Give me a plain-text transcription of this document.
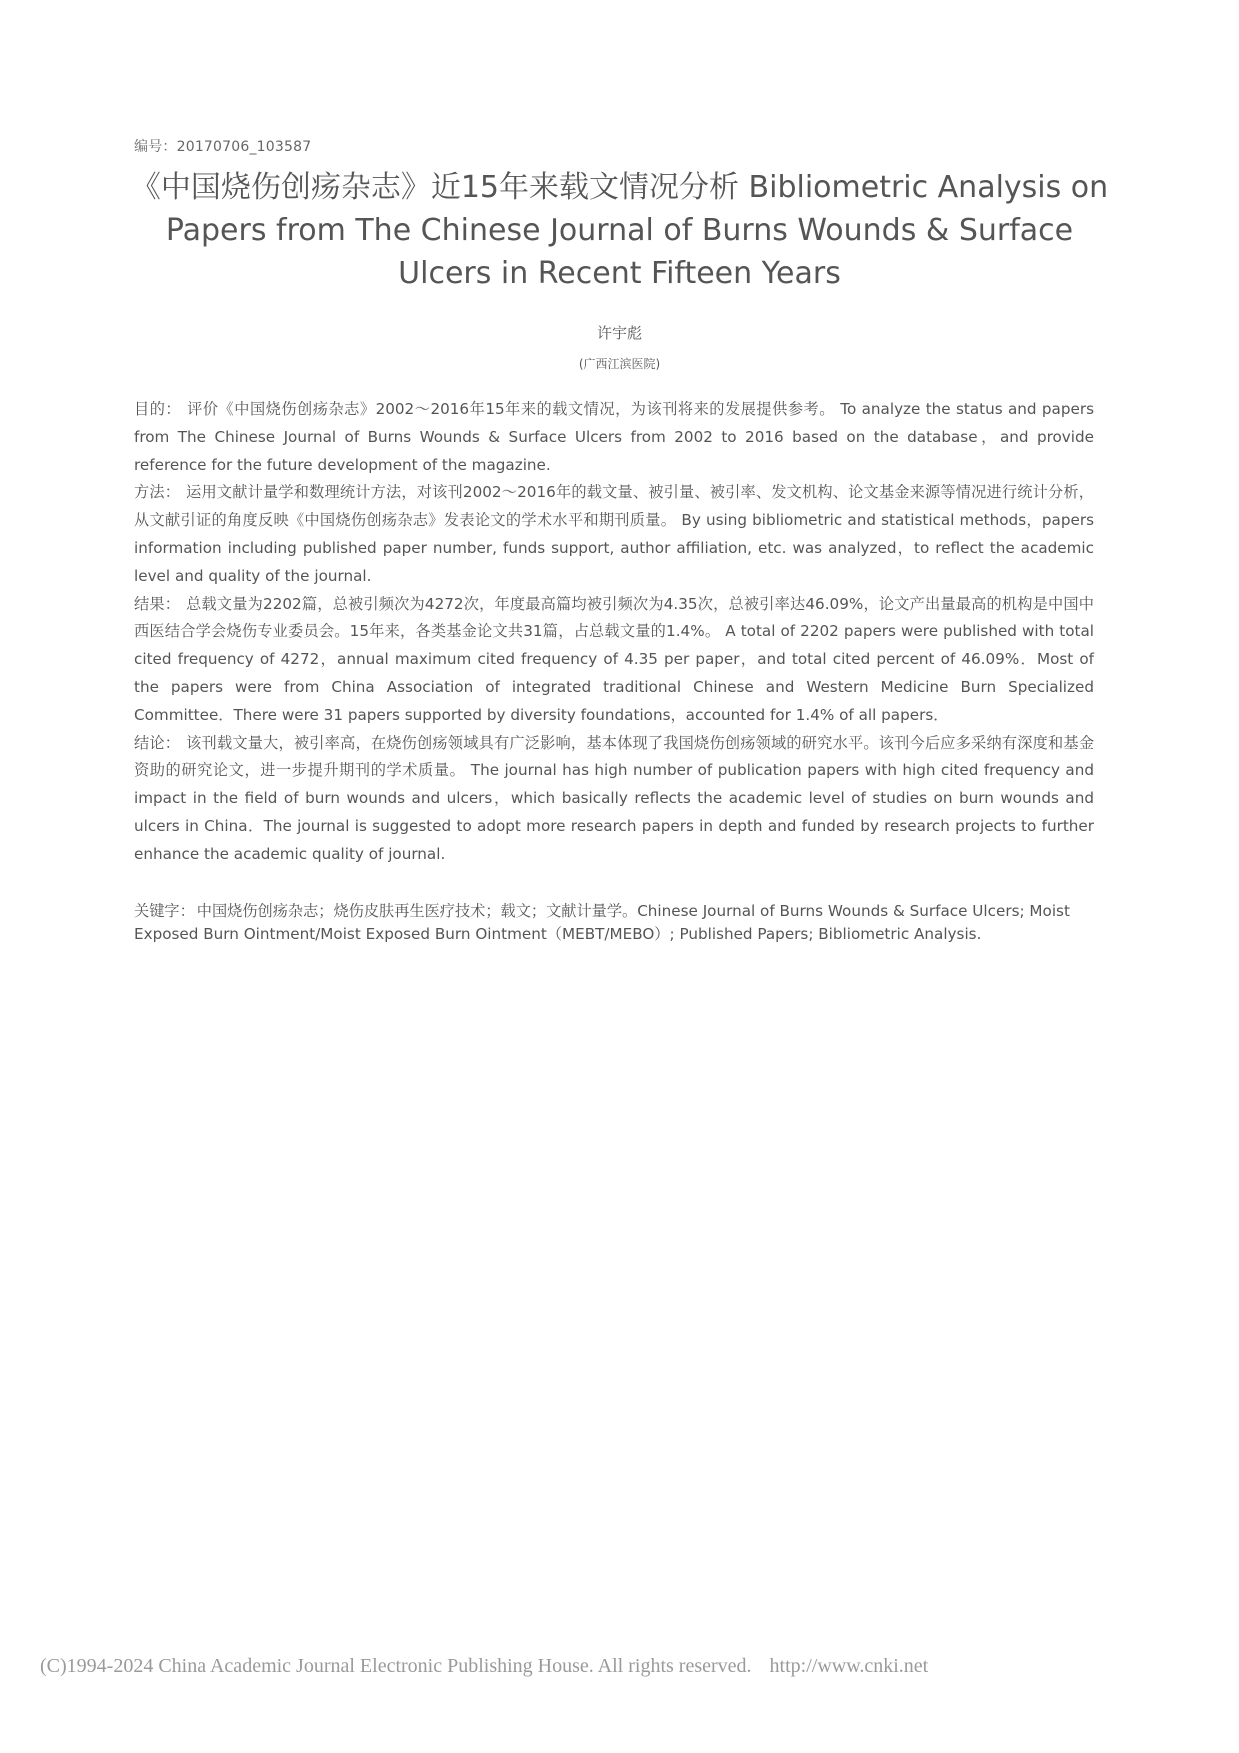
编号：20170706_103587
《中国烧伤创疡杂志》近15年来载文情况分析 Bibliometric Analysis on Papers from The Chinese Journal of Burns Wounds & Surface Ulcers in Recent Fifteen Years
许宇彪
(广西江滨医院)

目的： 评价《中国烧伤创疡杂志》2002～2016年15年来的载文情况，为该刊将来的发展提供参考。 To analyze the status and papers from The Chinese Journal of Burns Wounds & Surface Ulcers from 2002 to 2016 based on the database，and provide reference for the future development of the magazine.

方法： 运用文献计量学和数理统计方法，对该刊2002～2016年的载文量、被引量、被引率、发文机构、论文基金来源等情况进行统计分析，从文献引证的角度反映《中国烧伤创疡杂志》发表论文的学术水平和期刊质量。 By using bibliometric and statistical methods，papers information including published paper number, funds support, author affiliation, etc. was analyzed，to reflect the academic level and quality of the journal.

结果： 总载文量为2202篇，总被引频次为4272次，年度最高篇均被引频次为4.35次，总被引率达46.09%，论文产出量最高的机构是中国中西医结合学会烧伤专业委员会。15年来，各类基金论文共31篇，占总载文量的1.4%。 A total of 2202 papers were published with total cited frequency of 4272，annual maximum cited frequency of 4.35 per paper，and total cited percent of 46.09%．Most of the papers were from China Association of integrated traditional Chinese and Western Medicine Burn Specialized Committee．There were 31 papers supported by diversity foundations，accounted for 1.4% of all papers．

结论： 该刊载文量大，被引率高，在烧伤创疡领域具有广泛影响，基本体现了我国烧伤创疡领域的研究水平。该刊今后应多采纳有深度和基金资助的研究论文，进一步提升期刊的学术质量。 The journal has high number of publication papers with high cited frequency and impact in the field of burn wounds and ulcers，which basically reflects the academic level of studies on burn wounds and ulcers in China．The journal is suggested to adopt more research papers in depth and funded by research projects to further enhance the academic quality of journal.

关键字： 中国烧伤创疡杂志；烧伤皮肤再生医疗技术；载文；文献计量学。Chinese Journal of Burns Wounds & Surface Ulcers; Moist Exposed Burn Ointment/Moist Exposed Burn Ointment（MEBT/MEBO）; Published Papers; Bibliometric Analysis.
(C)1994-2024 China Academic Journal Electronic Publishing House. All rights reserved. http://www.cnki.net
